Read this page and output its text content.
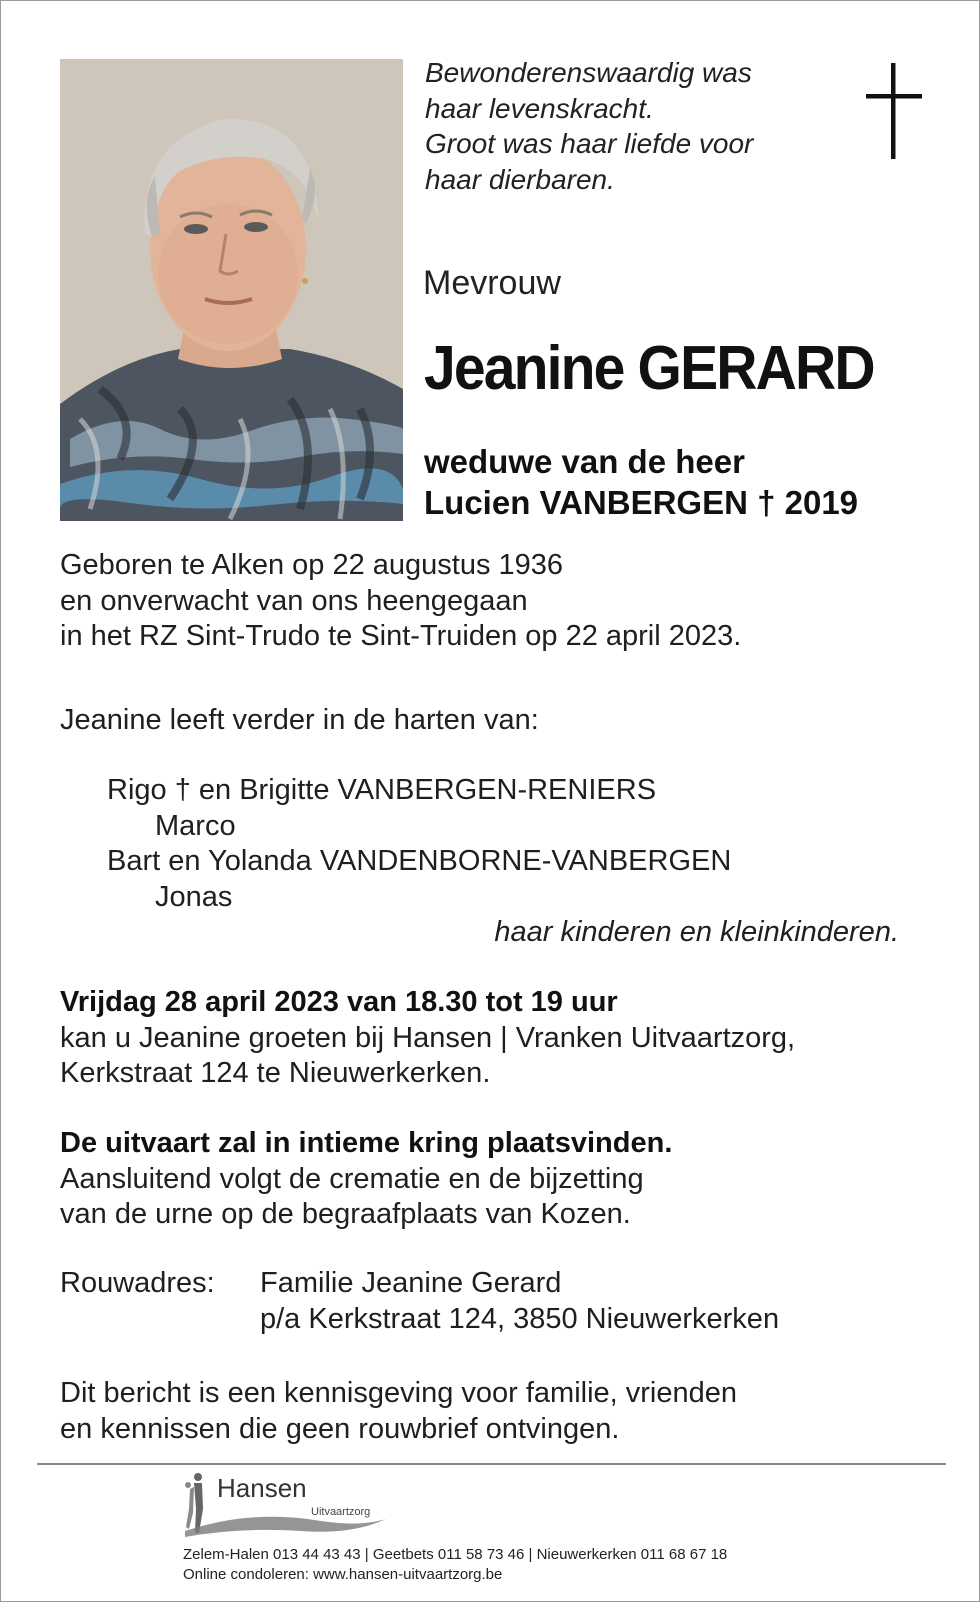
Bewonderenswaardig was
haar levenskracht.
Groot was haar liefde voor
haar dierbaren.
Mevrouw
Jeanine GERARD
weduwe van de heer
Lucien VANBERGEN † 2019
Geboren te Alken op 22 augustus 1936
en onverwacht van ons heengegaan
in het RZ Sint-Trudo te Sint-Truiden op 22 april 2023.
Jeanine leeft verder in de harten van:
Rigo † en Brigitte VANBERGEN-RENIERS
Marco
Bart en Yolanda VANDENBORNE-VANBERGEN
Jonas
haar kinderen en kleinkinderen.
Vrijdag 28 april 2023 van 18.30 tot 19 uur
kan u Jeanine groeten bij Hansen | Vranken Uitvaartzorg,
Kerkstraat 124 te Nieuwerkerken.
De uitvaart zal in intieme kring plaatsvinden.
Aansluitend volgt de crematie en de bijzetting
van de urne op de begraafplaats van Kozen.
Rouwadres: Familie Jeanine Gerard
p/a Kerkstraat 124, 3850 Nieuwerkerken
Dit bericht is een kennisgeving voor familie, vrienden
en kennissen die geen rouwbrief ontvingen.
Hansen
Uitvaartzorg
Zelem-Halen 013 44 43 43 | Geetbets 011 58 73 46 | Nieuwerkerken 011 68 67 18
Online condoleren: www.hansen-uitvaartzorg.be
